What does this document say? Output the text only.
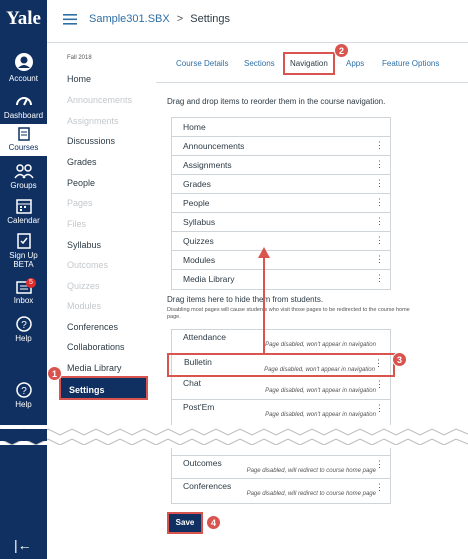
Yale
Account
Dashboard
Courses
Groups
Calendar
Sign Up
BETA
5
Inbox
?
Help
?
Help
|←
Sample301.SBX > Settings
Fall 2018
Home
Announcements
Assignments
Discussions
Grades
People
Pages
Files
Syllabus
Outcomes
Quizzes
Modules
Conferences
Collaborations
Media Library
Settings
1
Course Details Sections	Navigation	Apps Feature Options
2
Drag and drop items to reorder them in the course navigation.
Home
Announcements	⋮
Assignments	⋮
Grades	⋮
People	⋮
Syllabus	⋮
Quizzes	⋮
Modules	⋮
Media Library	⋮
Drag items here to hide them from students.
Disabling most pages will cause students who visit those pages to be redirected to the course home page.
Attendance
Page disabled, won't appear in navigation
Bulletin
Page disabled, won't appear in navigation
⋮
Chat
Page disabled, won't appear in navigation
⋮
Post'Em
Page disabled, won't appear in navigation
⋮
3
Outcomes
Page disabled, will redirect to course home page
⋮
Conferences
Page disabled, will redirect to course home page
⋮
Save	4
